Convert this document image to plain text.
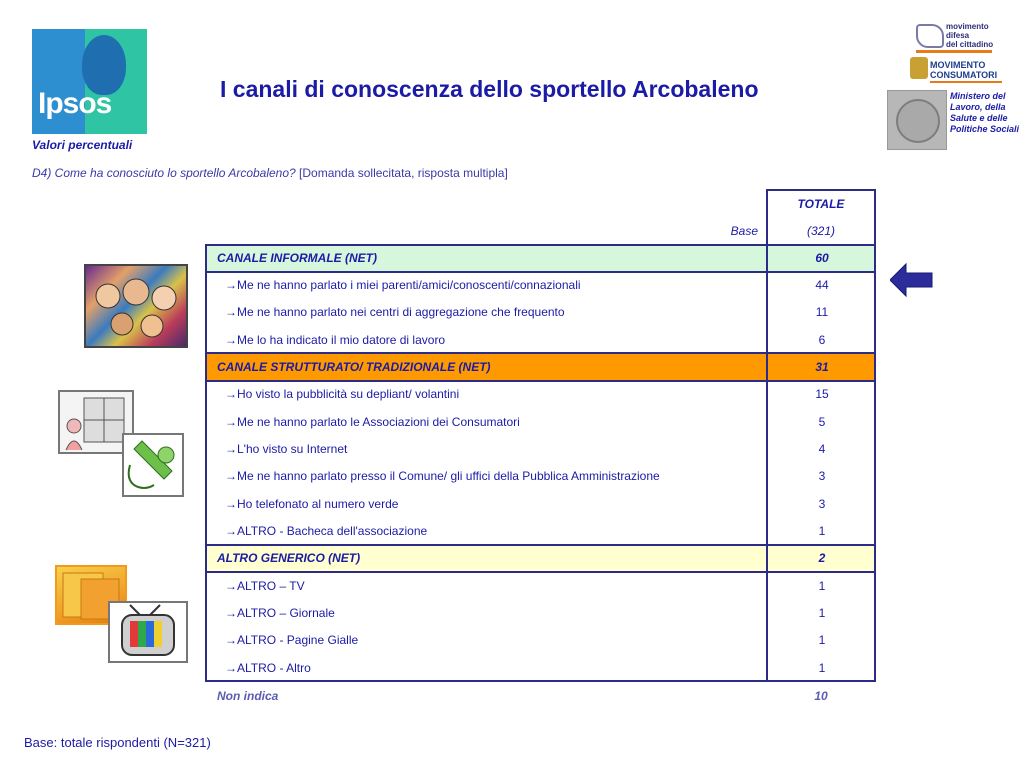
Ipsos	I canali di conoscenza dello sportello Arcobaleno
Valori percentuali
D4) Come ha conosciuto lo sportello Arcobaleno? [Domanda sollecitata, risposta multipla]
movimento
difesa
del cittadino
MOVIMENTO
CONSUMATORI
Ministero del Lavoro, della Salute e delle Politiche Sociali
TOTALE
Base	(321)
CANALE INFORMALE (NET)	60
→Me ne hanno parlato i miei parenti/amici/conoscenti/connazionali	44
→Me ne hanno parlato nei centri di aggregazione che frequento	11
→Me lo ha indicato il mio datore di lavoro	6
CANALE STRUTTURATO/ TRADIZIONALE (NET)	31
→Ho visto la pubblicità su depliant/ volantini	15
→Me ne hanno parlato le Associazioni dei Consumatori	5
→L'ho visto su Internet	4
→Me ne hanno parlato presso il Comune/ gli uffici della Pubblica Amministrazione	3
→Ho telefonato al numero verde	3
→ALTRO - Bacheca dell'associazione	1
ALTRO GENERICO (NET)	2
→ALTRO – TV	1
→ALTRO – Giornale	1
→ALTRO - Pagine Gialle	1
→ALTRO - Altro	1
Non indica	10
Base: totale rispondenti (N=321)
